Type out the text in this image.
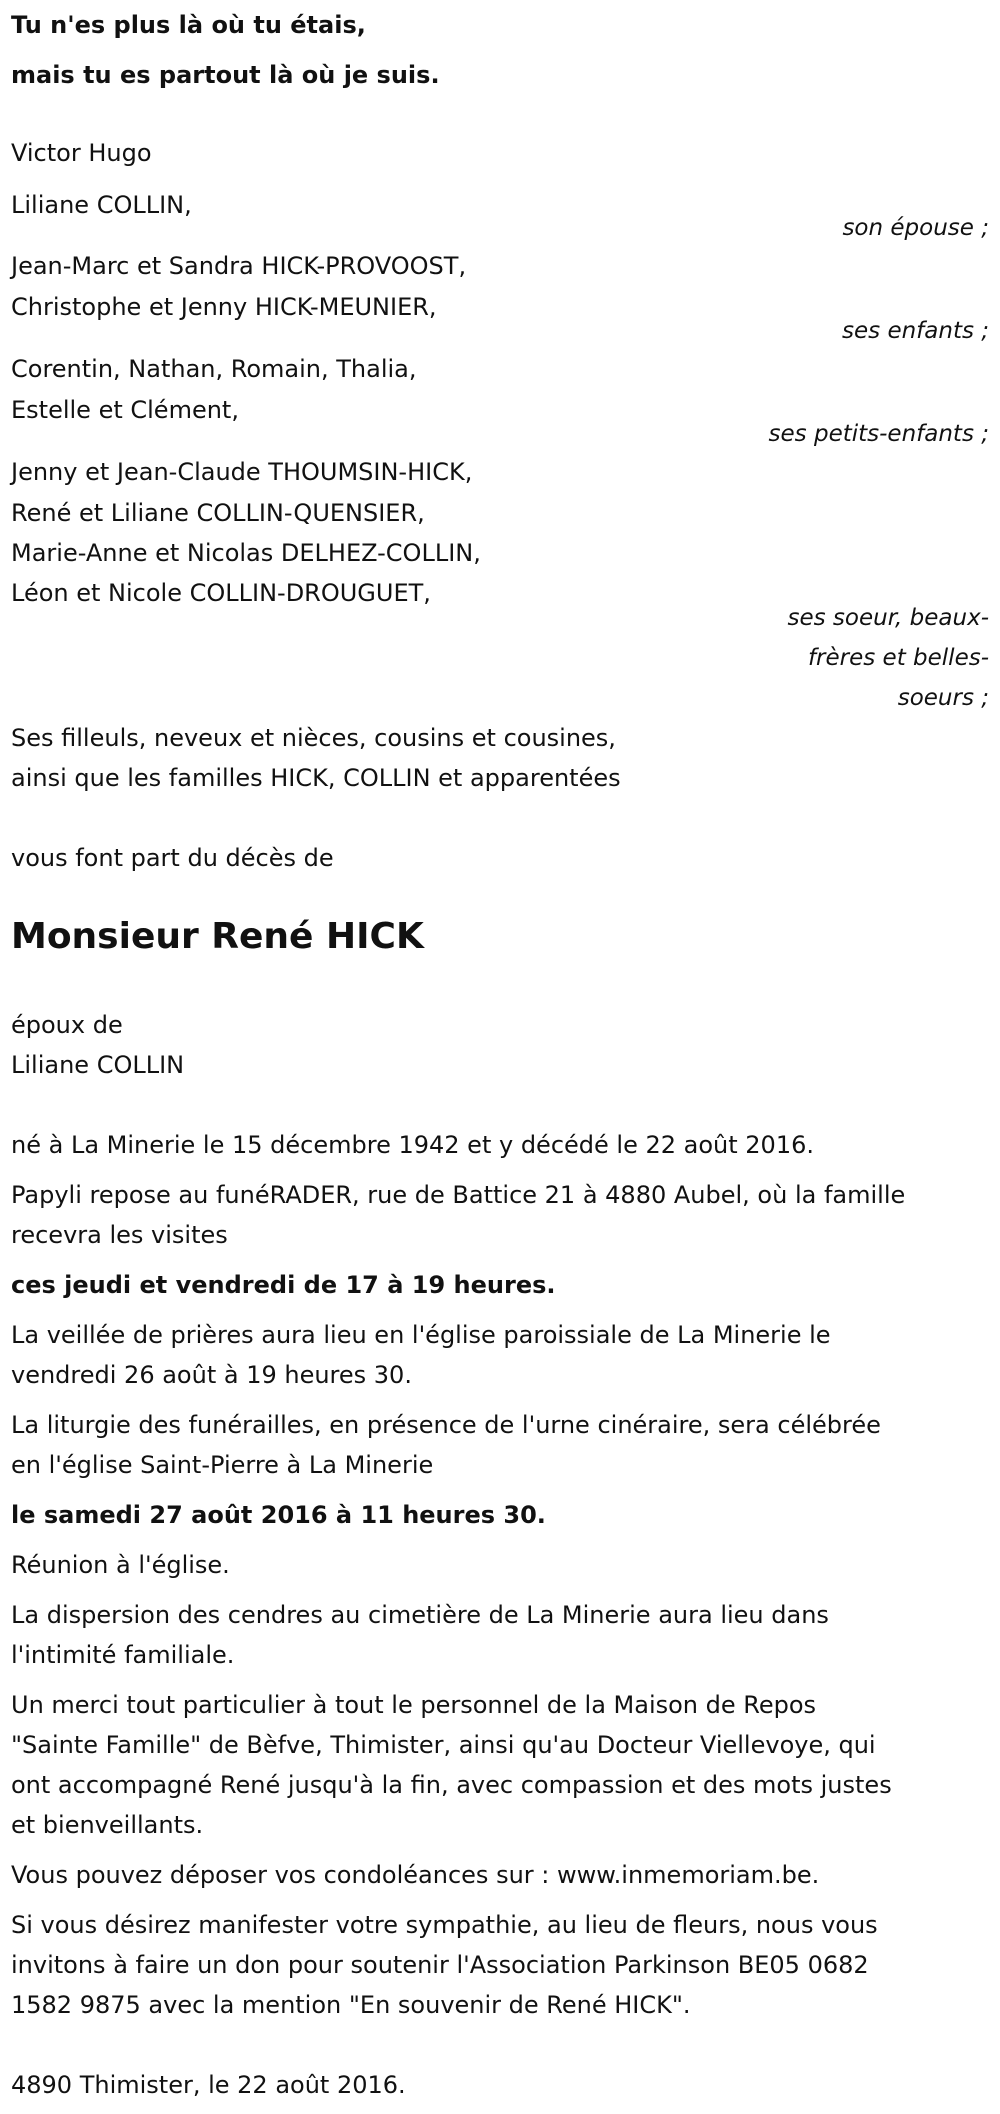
Tu n'es plus là où tu étais,
mais tu es partout là où je suis.
Victor Hugo
Liliane COLLIN,
son épouse ;
Jean-Marc et Sandra HICK-PROVOOST,
Christophe et Jenny HICK-MEUNIER,
ses enfants ;
Corentin, Nathan, Romain, Thalia,
Estelle et Clément,
ses petits-enfants ;
Jenny et Jean-Claude THOUMSIN-HICK,
René et Liliane COLLIN-QUENSIER,
Marie-Anne et Nicolas DELHEZ-COLLIN,
Léon et Nicole COLLIN-DROUGUET,
ses soeur, beaux-
frères et belles-
soeurs ;
Ses filleuls, neveux et nièces, cousins et cousines,
ainsi que les familles HICK, COLLIN et apparentées
vous font part du décès de
Monsieur René HICK
époux de
Liliane COLLIN
né à La Minerie le 15 décembre 1942 et y décédé le 22 août 2016.
Papyli repose au funéRADER, rue de Battice 21 à 4880 Aubel, où la famille
recevra les visites
ces jeudi et vendredi de 17 à 19 heures.
La veillée de prières aura lieu en l'église paroissiale de La Minerie le
vendredi 26 août à 19 heures 30.
La liturgie des funérailles, en présence de l'urne cinéraire, sera célébrée
en l'église Saint-Pierre à La Minerie
le samedi 27 août 2016 à 11 heures 30.
Réunion à l'église.
La dispersion des cendres au cimetière de La Minerie aura lieu dans
l'intimité familiale.
Un merci tout particulier à tout le personnel de la Maison de Repos
"Sainte Famille" de Bèfve, Thimister, ainsi qu'au Docteur Viellevoye, qui
ont accompagné René jusqu'à la fin, avec compassion et des mots justes
et bienveillants.
Vous pouvez déposer vos condoléances sur : www.inmemoriam.be.
Si vous désirez manifester votre sympathie, au lieu de fleurs, nous vous
invitons à faire un don pour soutenir l'Association Parkinson BE05 0682
1582 9875 avec la mention "En souvenir de René HICK".
4890 Thimister, le 22 août 2016.
